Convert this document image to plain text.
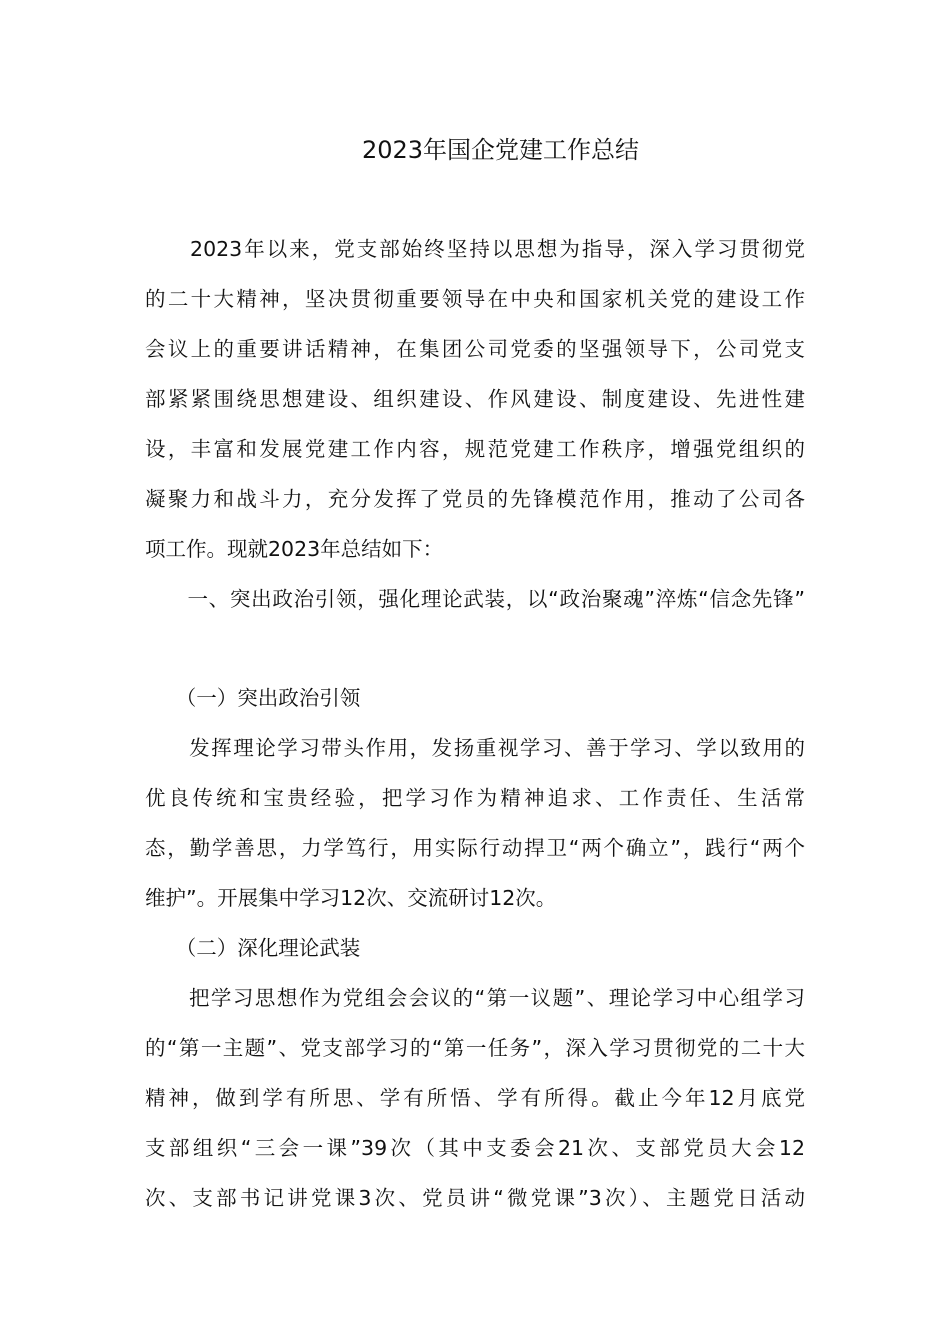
2023年国企党建工作总结

　　2023年以来，党支部始终坚持以思想为指导，深入学习贯彻党

的二十大精神，坚决贯彻重要领导在中央和国家机关党的建设工作

会议上的重要讲话精神，在集团公司党委的坚强领导下，公司党支

部紧紧围绕思想建设、组织建设、作风建设、制度建设、先进性建

设，丰富和发展党建工作内容，规范党建工作秩序，增强党组织的

凝聚力和战斗力，充分发挥了党员的先锋模范作用，推动了公司各

项工作。现就2023年总结如下：

　　一、突出政治引领，强化理论武装，以“政治聚魂”淬炼“信念先锋”

　　（一）突出政治引领

　　发挥理论学习带头作用，发扬重视学习、善于学习、学以致用的

优良传统和宝贵经验，把学习作为精神追求、工作责任、生活常

态，勤学善思，力学笃行，用实际行动捍卫“两个确立”，践行“两个

维护”。开展集中学习12次、交流研讨12次。

　　（二）深化理论武装

　　把学习思想作为党组会会议的“第一议题”、理论学习中心组学习

的“第一主题”、党支部学习的“第一任务”，深入学习贯彻党的二十大

精神，做到学有所思、学有所悟、学有所得。截止今年12月底党

支部组织“三会一课”39次（其中支委会21次、支部党员大会12

次、支部书记讲党课3次、党员讲“微党课”3次）、主题党日活动
